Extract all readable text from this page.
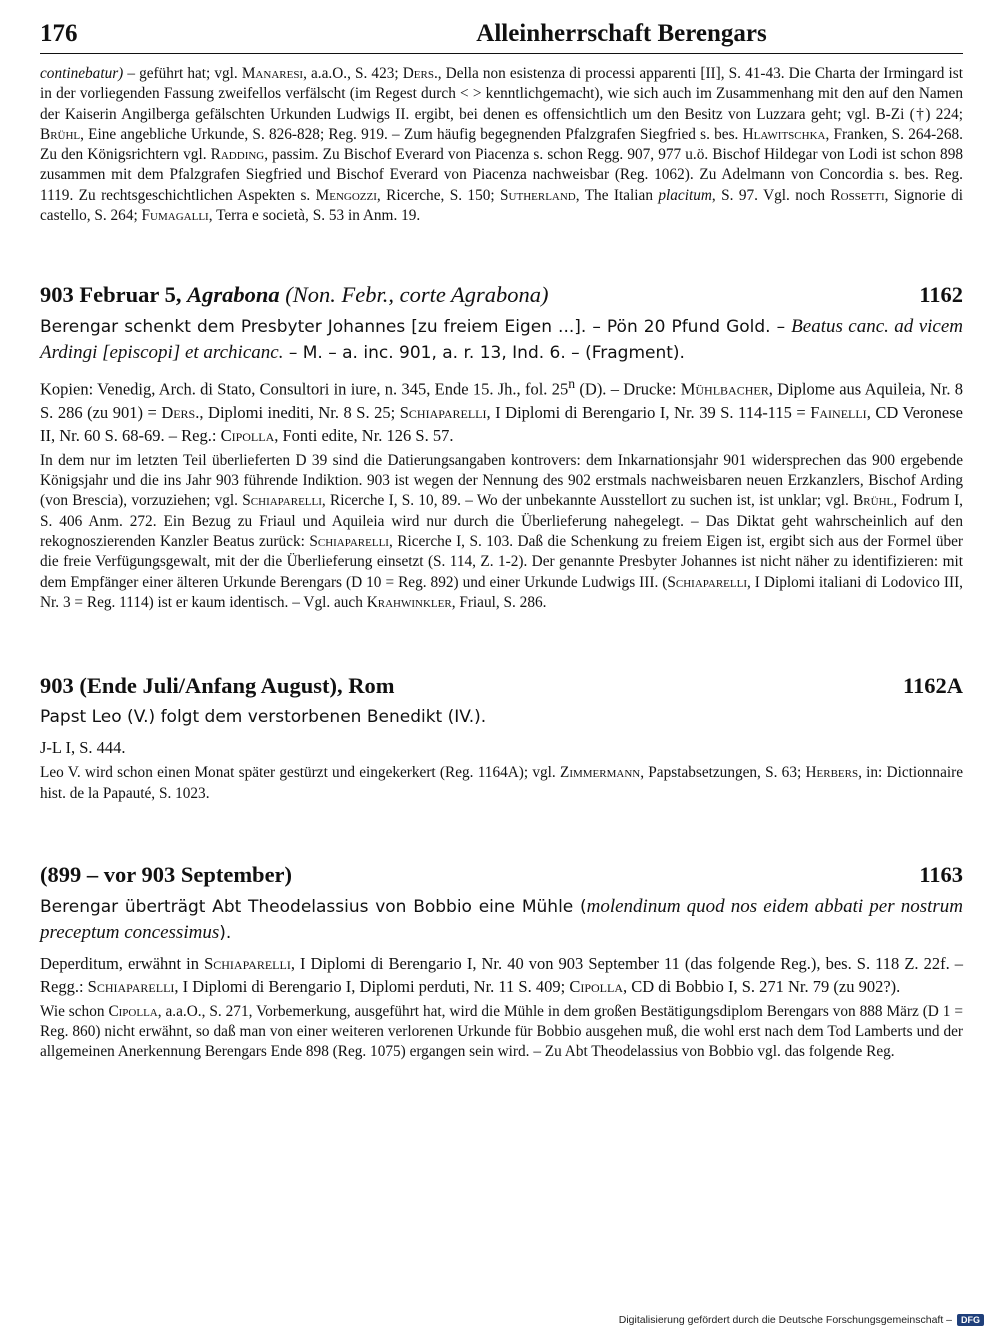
176	Alleinherrschaft Berengars

continebatur) – geführt hat; vgl. Manaresi, a.a.O., S. 423; Ders., Della non esistenza di processi apparenti [II], S. 41-43. Die Charta der Irmingard ist in der vorliegenden Fassung zweifellos verfälscht (im Regest durch < > kenntlichgemacht), wie sich auch im Zusammenhang mit den auf den Namen der Kaiserin Angilberga gefälschten Urkunden Ludwigs II. ergibt, bei denen es offensichtlich um den Besitz von Luzzara geht; vgl. B-Zi (†) 224; Brühl, Eine angebliche Urkunde, S. 826-828; Reg. 919. – Zum häufig begegnenden Pfalzgrafen Siegfried s. bes. Hlawitschka, Franken, S. 264-268. Zu den Königsrichtern vgl. Radding, passim. Zu Bischof Everard von Piacenza s. schon Regg. 907, 977 u.ö. Bischof Hildegar von Lodi ist schon 898 zusammen mit dem Pfalzgrafen Siegfried und Bischof Everard von Piacenza nachweisbar (Reg. 1062). Zu Adelmann von Concordia s. bes. Reg. 1119. Zu rechtsgeschichtlichen Aspekten s. Mengozzi, Ricerche, S. 150; Sutherland, The Italian placitum, S. 97. Vgl. noch Rossetti, Signorie di castello, S. 264; Fumagalli, Terra e società, S. 53 in Anm. 19.

903 Februar 5, Agrabona (Non. Febr., corte Agrabona)	1162

Berengar schenkt dem Presbyter Johannes [zu freiem Eigen ...]. – Pön 20 Pfund Gold. – Beatus canc. ad vicem Ardingi [episcopi] et archicanc. – M. – a. inc. 901, a. r. 13, Ind. 6. – (Fragment).

Kopien: Venedig, Arch. di Stato, Consultori in iure, n. 345, Ende 15. Jh., fol. 25$^n$ (D). – Drucke: Mühlbacher, Diplome aus Aquileia, Nr. 8 S. 286 (zu 901) = Ders., Diplomi inediti, Nr. 8 S. 25; Schiaparelli, I Diplomi di Berengario I, Nr. 39 S. 114-115 = Fainelli, CD Veronese II, Nr. 60 S. 68-69. – Reg.: Cipolla, Fonti edite, Nr. 126 S. 57.

In dem nur im letzten Teil überlieferten D 39 sind die Datierungsangaben kontrovers: dem Inkarnationsjahr 901 widersprechen das 900 ergebende Königsjahr und die ins Jahr 903 führende Indiktion. 903 ist wegen der Nennung des 902 erstmals nachweisbaren neuen Erzkanzlers, Bischof Arding (von Brescia), vorzuziehen; vgl. Schiaparelli, Ricerche I, S. 10, 89. – Wo der unbekannte Ausstellort zu suchen ist, ist unklar; vgl. Brühl, Fodrum I, S. 406 Anm. 272. Ein Bezug zu Friaul und Aquileia wird nur durch die Überlieferung nahegelegt. – Das Diktat geht wahrscheinlich auf den rekognoszierenden Kanzler Beatus zurück: Schiaparelli, Ricerche I, S. 103. Daß die Schenkung zu freiem Eigen ist, ergibt sich aus der Formel über die freie Verfügungsgewalt, mit der die Überlieferung einsetzt (S. 114, Z. 1-2). Der genannte Presbyter Johannes ist nicht näher zu identifizieren: mit dem Empfänger einer älteren Urkunde Berengars (D 10 = Reg. 892) und einer Urkunde Ludwigs III. (Schiaparelli, I Diplomi italiani di Lodovico III, Nr. 3 = Reg. 1114) ist er kaum identisch. – Vgl. auch Krahwinkler, Friaul, S. 286.

903 (Ende Juli/Anfang August), Rom	1162A

Papst Leo (V.) folgt dem verstorbenen Benedikt (IV.).

J-L I, S. 444.

Leo V. wird schon einen Monat später gestürzt und eingekerkert (Reg. 1164A); vgl. Zimmermann, Papstabsetzungen, S. 63; Herbers, in: Dictionnaire hist. de la Papauté, S. 1023.

(899 – vor 903 September)	1163

Berengar überträgt Abt Theodelassius von Bobbio eine Mühle (molendinum quod nos eidem abbati per nostrum preceptum concessimus).

Deperditum, erwähnt in Schiaparelli, I Diplomi di Berengario I, Nr. 40 von 903 September 11 (das folgende Reg.), bes. S. 118 Z. 22f. – Regg.: Schiaparelli, I Diplomi di Berengario I, Diplomi perduti, Nr. 11 S. 409; Cipolla, CD di Bobbio I, S. 271 Nr. 79 (zu 902?).

Wie schon Cipolla, a.a.O., S. 271, Vorbemerkung, ausgeführt hat, wird die Mühle in dem großen Bestätigungsdiplom Berengars von 888 März (D 1 = Reg. 860) nicht erwähnt, so daß man von einer weiteren verlorenen Urkunde für Bobbio ausgehen muß, die wohl erst nach dem Tod Lamberts und der allgemeinen Anerkennung Berengars Ende 898 (Reg. 1075) ergangen sein wird. – Zu Abt Theodelassius von Bobbio vgl. das folgende Reg.

Digitalisierung gefördert durch die Deutsche Forschungsgemeinschaft –	DFG
